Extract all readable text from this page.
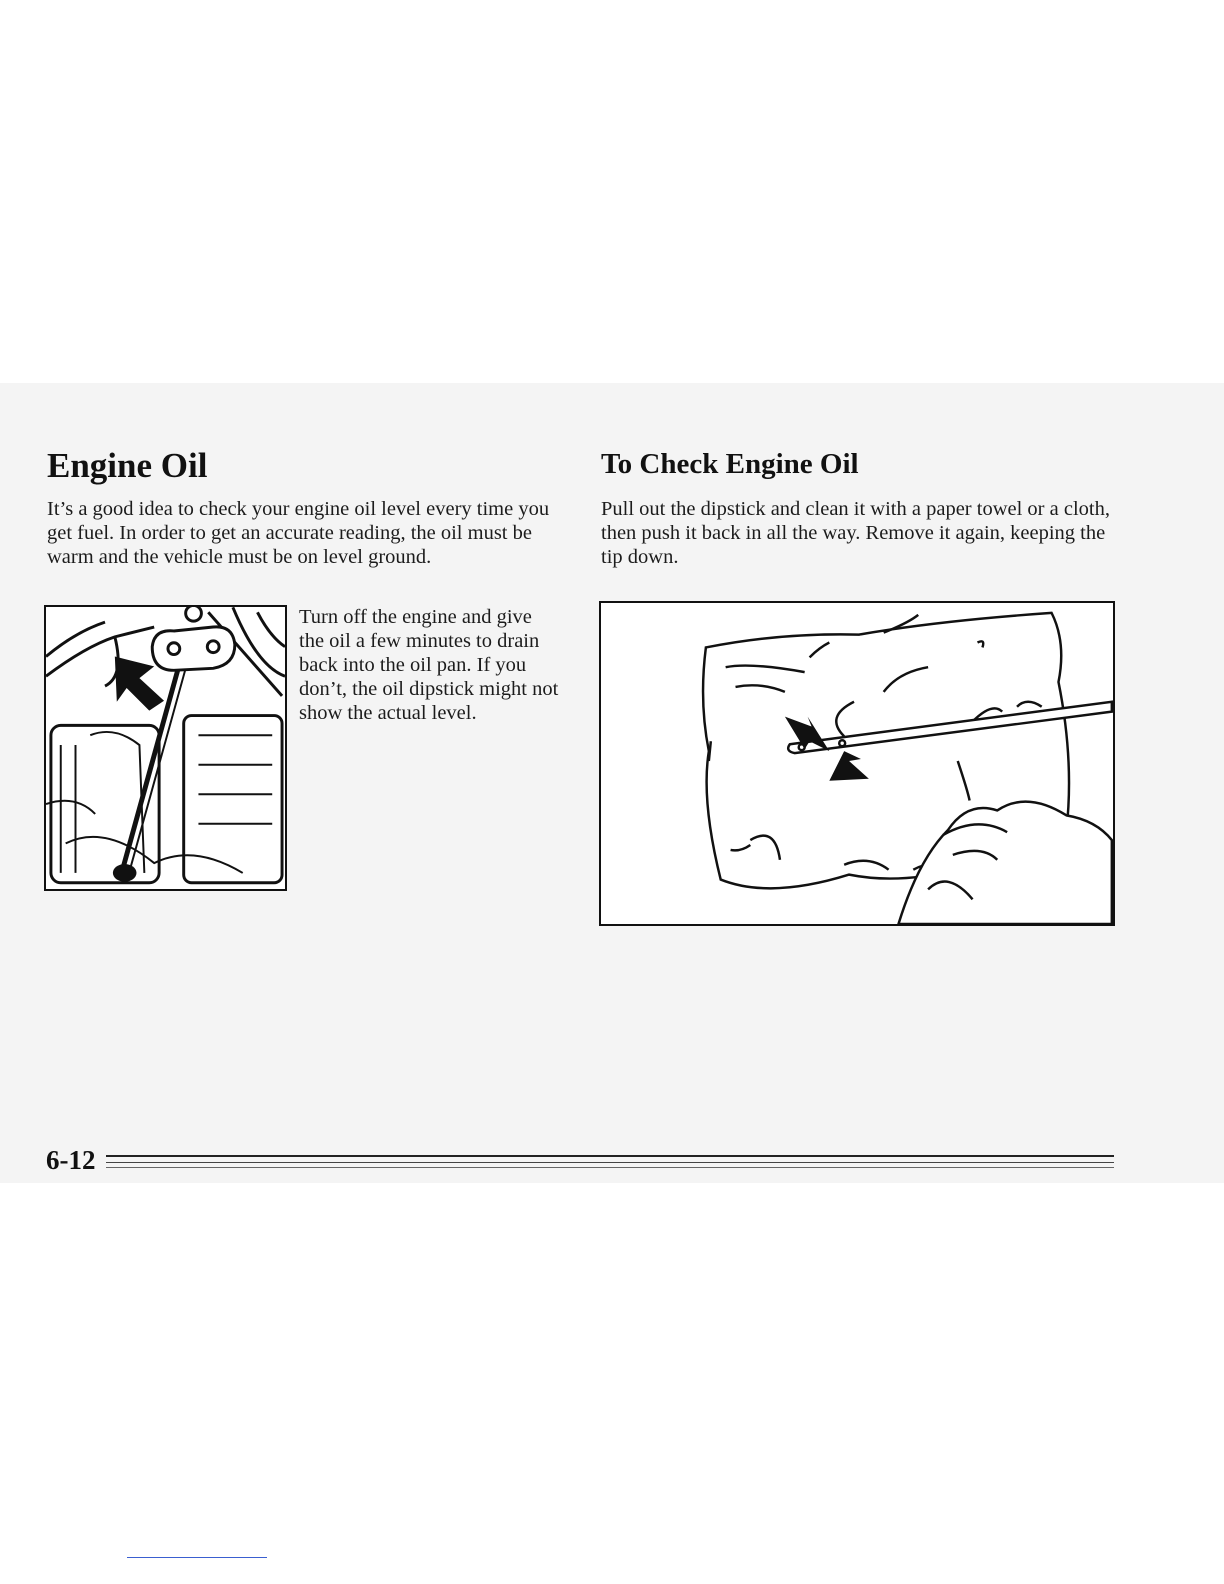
Engine Oil

It’s a good idea to check your engine oil level every time you get fuel. In order to get an accurate reading, the oil must be warm and the vehicle must be on level ground.

Turn off the engine and give the oil a few minutes to drain back into the oil pan. If you don’t, the oil dipstick might not show the actual level.

To Check Engine Oil

Pull out the dipstick and clean it with a paper towel or a cloth, then push it back in all the way. Remove it again, keeping the tip down.

6-12
